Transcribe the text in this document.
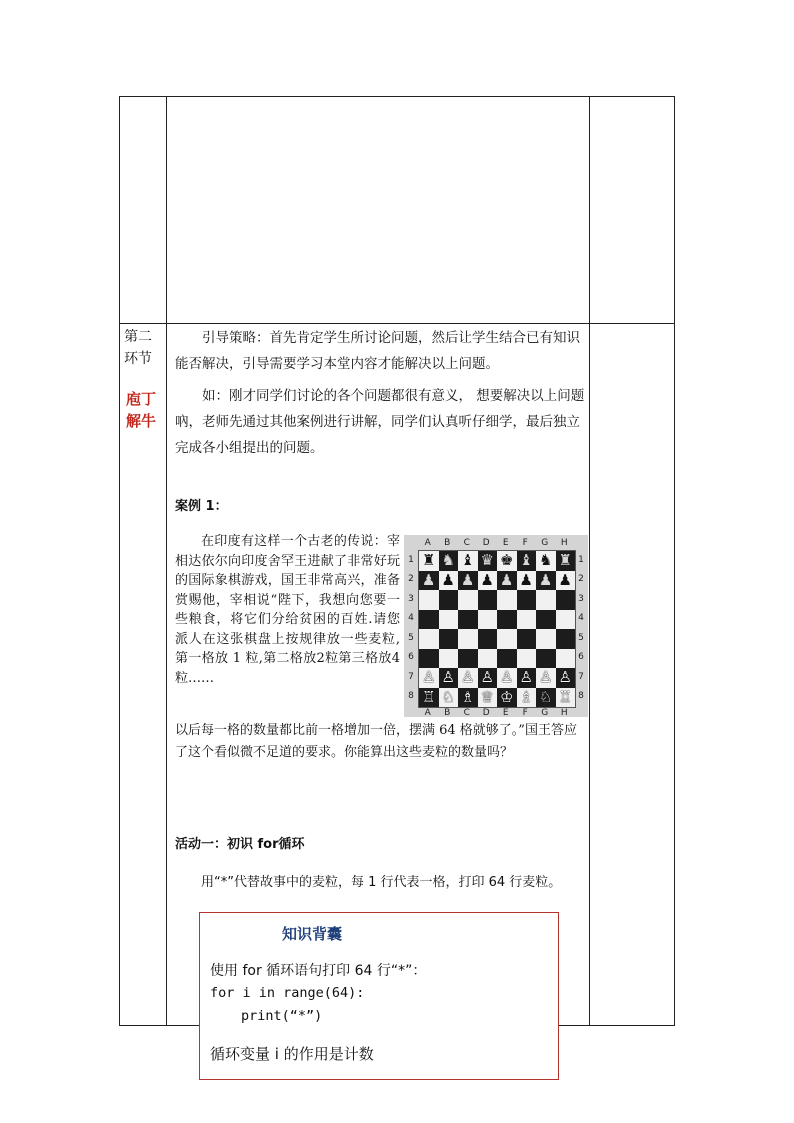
第二环节
庖丁解牛
引导策略：首先肯定学生所讨论问题，然后让学生结合已有知识能否解决，引导需要学习本堂内容才能解决以上问题。
如：刚才同学们讨论的各个问题都很有意义， 想要解决以上问题吶，老师先通过其他案例进行讲解，同学们认真听仔细学，最后独立完成各小组提出的问题。
案例 1：
在印度有这样一个古老的传说：宰相达依尔向印度舍罕王进献了非常好玩的国际象棋游戏，国王非常高兴，准备赏赐他，宰相说“陛下，我想向您要一些粮食，将它们分给贫困的百姓.请您派人在这张棋盘上按规律放一些麦粒,第一格放 1 粒,第二格放2粒第三格放4粒……
以后每一格的数量都比前一格增加一倍，摆满 64 格就够了。”国王答应了这个看似微不足道的要求。你能算出这些麦粒的数量吗？
A
A
B
B
C
C
D
D
E
E
F
F
G
G
H
H
1	1
2	2
3	3
4	4
5	5
6	6
7	7
8	8
♜ ♞ ♝ ♛ ♚ ♝ ♞ ♜
♟ ♟ ♟ ♟ ♟ ♟ ♟ ♟
♙ ♙ ♙ ♙ ♙ ♙ ♙ ♙
♖ ♘ ♗ ♕ ♔ ♗ ♘ ♖
活动一：初识 for循环
用“*”代替故事中的麦粒，每 1 行代表一格，打印 64 行麦粒。
知识背囊
使用 for 循环语句打印 64 行“*”：
for i in range(64):
print(“*”)
循环变量 i 的作用是计数
